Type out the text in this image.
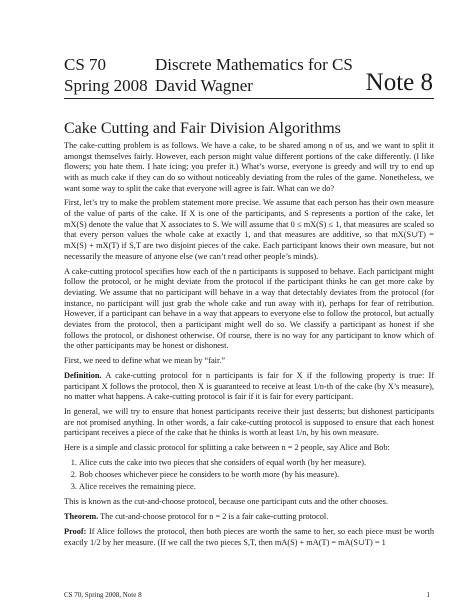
CS 70
Spring 2008
Discrete Mathematics for CS
David Wagner	Note 8
Cake Cutting and Fair Division Algorithms

The cake-cutting problem is as follows. We have a cake, to be shared among n of us, and we want to split it amongst themselves fairly. However, each person might value different portions of the cake differently. (I like flowers; you hate them. I hate icing; you prefer it.) What’s worse, everyone is greedy and will try to end up with as much cake if they can do so without noticeably deviating from the rules of the game. Nonetheless, we want some way to split the cake that everyone will agree is fair. What can we do?

First, let’s try to make the problem statement more precise. We assume that each person has their own measure of the value of parts of the cake. If X is one of the participants, and S represents a portion of the cake, let mX(S) denote the value that X associates to S. We will assume that 0 ≤ mX(S) ≤ 1, that measures are scaled so that every person values the whole cake at exactly 1, and that measures are additive, so that mX(S∪T) = mX(S) + mX(T) if S,T are two disjoint pieces of the cake. Each participant knows their own measure, but not necessarily the measure of anyone else (we can’t read other people’s minds).

A cake-cutting protocol specifies how each of the n participants is supposed to behave. Each participant might follow the protocol, or he might deviate from the protocol if the participant thinks he can get more cake by deviating. We assume that no participant will behave in a way that detectably deviates from the protocol (for instance, no participant will just grab the whole cake and run away with it), perhaps for fear of retribution. However, if a participant can behave in a way that appears to everyone else to follow the protocol, but actually deviates from the protocol, then a participant might well do so. We classify a participant as honest if she follows the protocol, or dishonest otherwise. Of course, there is no way for any participant to know which of the other participants may be honest or dishonest.

First, we need to define what we mean by “fair.”

Definition. A cake-cutting protocol for n participants is fair for X if the following property is true: If participant X follows the protocol, then X is guaranteed to receive at least 1/n-th of the cake (by X’s measure), no matter what happens. A cake-cutting protocol is fair if it is fair for every participant.

In general, we will try to ensure that honest participants receive their just desserts; but dishonest participants are not promised anything. In other words, a fair cake-cutting protocol is supposed to ensure that each honest participant receives a piece of the cake that he thinks is worth at least 1/n, by his own measure.

Here is a simple and classic protocol for splitting a cake between n = 2 people, say Alice and Bob:

1. Alice cuts the cake into two pieces that she considers of equal worth (by her measure).
2. Bob chooses whichever piece he considers to be worth more (by his measure).
3. Alice receives the remaining piece.

This is known as the cut-and-choose protocol, because one participant cuts and the other chooses.

Theorem. The cut-and-choose protocol for n = 2 is a fair cake-cutting protocol.

Proof: If Alice follows the protocol, then both pieces are worth the same to her, so each piece must be worth exactly 1/2 by her measure. (If we call the two pieces S,T, then mA(S) + mA(T) = mA(S∪T) = 1

CS 70, Spring 2008, Note 8	1
